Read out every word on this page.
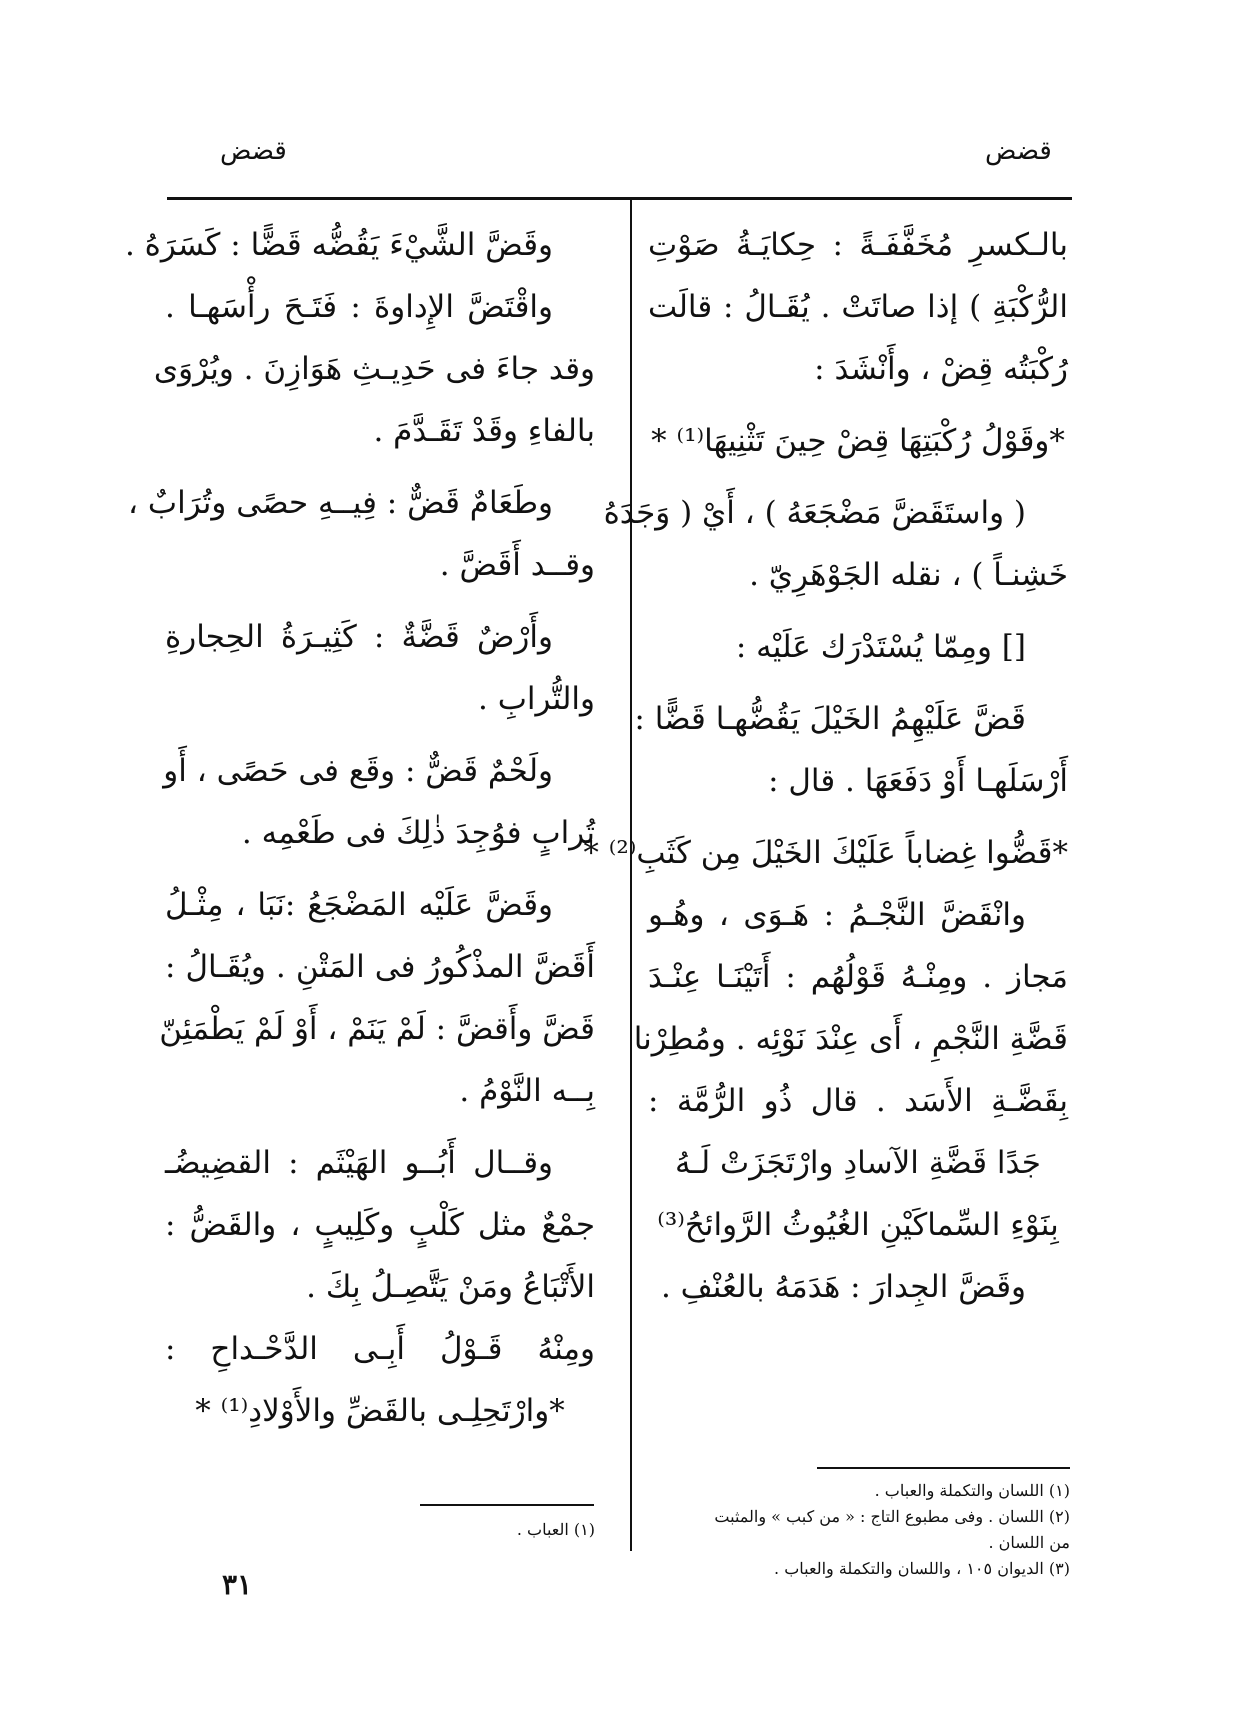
قضض
قضض
بالـكسرِ مُخَفَّفَـةً : حِكايَـةُ صَوْتِ
الرُّكْبَةِ ) إذا صاتَتْ . يُقَـالُ : قالَت
رُكْبَتُه قِضْ ، وأَنْشَدَ :
*وقَوْلُ رُكْبَتِهَا قِضْ حِينَ تَثْنِيهَا⁽¹⁾ *
( واستَقَضَّ مَضْجَعَهُ ) ، أَيْ ( وَجَدَهُ
خَشِنـاً ) ، نقله الجَوْهَرِيّ .
[] ومِمّا يُسْتَدْرَك عَلَيْه :
قَضَّ عَلَيْهِمُ الخَيْلَ يَقُضُّهـا قَضًّا :
أَرْسَلَهـا أَوْ دَفَعَهَا . قال :
*قَضُّوا غِضاباً عَلَيْكَ الخَيْلَ مِن كَثَبِ⁽²⁾ *
وانْقَضَّ النَّجْـمُ : هَـوَى ، وهُـو
مَجاز . ومِنْـهُ قَوْلُهُم : أَتَيْنَـا عِنْـدَ
قَضَّةِ النَّجْمِ ، أَى عِنْدَ نَوْئِه . ومُطِرْنا
بِقَضَّـةِ الأَسَد . قال ذُو الرُّمَّة :
جَدًا قَضَّةِ الآسادِ وارْتَجَزَتْ لَـهُ
بِنَوْءِ السِّماكَيْنِ الغُيُوثُ الرَّوائحُ⁽³⁾
وقَضَّ الجِدارَ : هَدَمَهُ بالعُنْفِ .
(١) اللسان والتكملة والعباب .
(٢) اللسان . وفى مطبوع التاج : « من كبب » والمثبت
من اللسان .
(٣) الديوان ١٠٥ ، واللسان والتكملة والعباب .
وقَضَّ الشَّيْءَ يَقُضُّه قَضًّا : كَسَرَهُ .
واقْتَضَّ الإِداوةَ : فَتَـحَ رأْسَهـا .
وقد جاءَ فى حَدِيـثِ هَوَازِنَ . ويُرْوَى
بالفاءِ وقَدْ تَقَـدَّمَ .
وطَعَامٌ قَضٌّ : فِيــهِ حصًى وتُرَابٌ ،
وقــد أَقَضَّ .
وأَرْضٌ قَضَّةٌ : كَثِيـرَةُ الحِجارةِ
والتُّرابِ .
ولَحْمٌ قَضٌّ : وقَع فى حَصًى ، أَو
تُرابٍ فوُجِدَ ذٰلِكَ فى طَعْمِه .
وقَضَّ عَلَيْه المَضْجَعُ :نَبَا ، مِثْـلُ
أَقَضَّ المذْكُورُ فى المَتْنِ . ويُقَـالُ :
قَضَّ وأَقضَّ : لَمْ يَنَمْ ، أَوْ لَمْ يَطْمَئِنّ
بِــه النَّوْمُ .
وقــال أَبُــو الهَيْثَم : القضِيضُـ
جمْعٌ مثل كَلْبٍ وكَلِيبٍ ، والقَضُّ :
الأَتْبَاعُ ومَنْ يَتَّصِـلُ بِكَ .
ومِنْهُ قَـوْلُ أَبِـى الدَّحْـداحِ :
*وارْتَحِلِـى بالقَضِّ والأَوْلادِ⁽¹⁾ *
(١) العباب .
٣١
